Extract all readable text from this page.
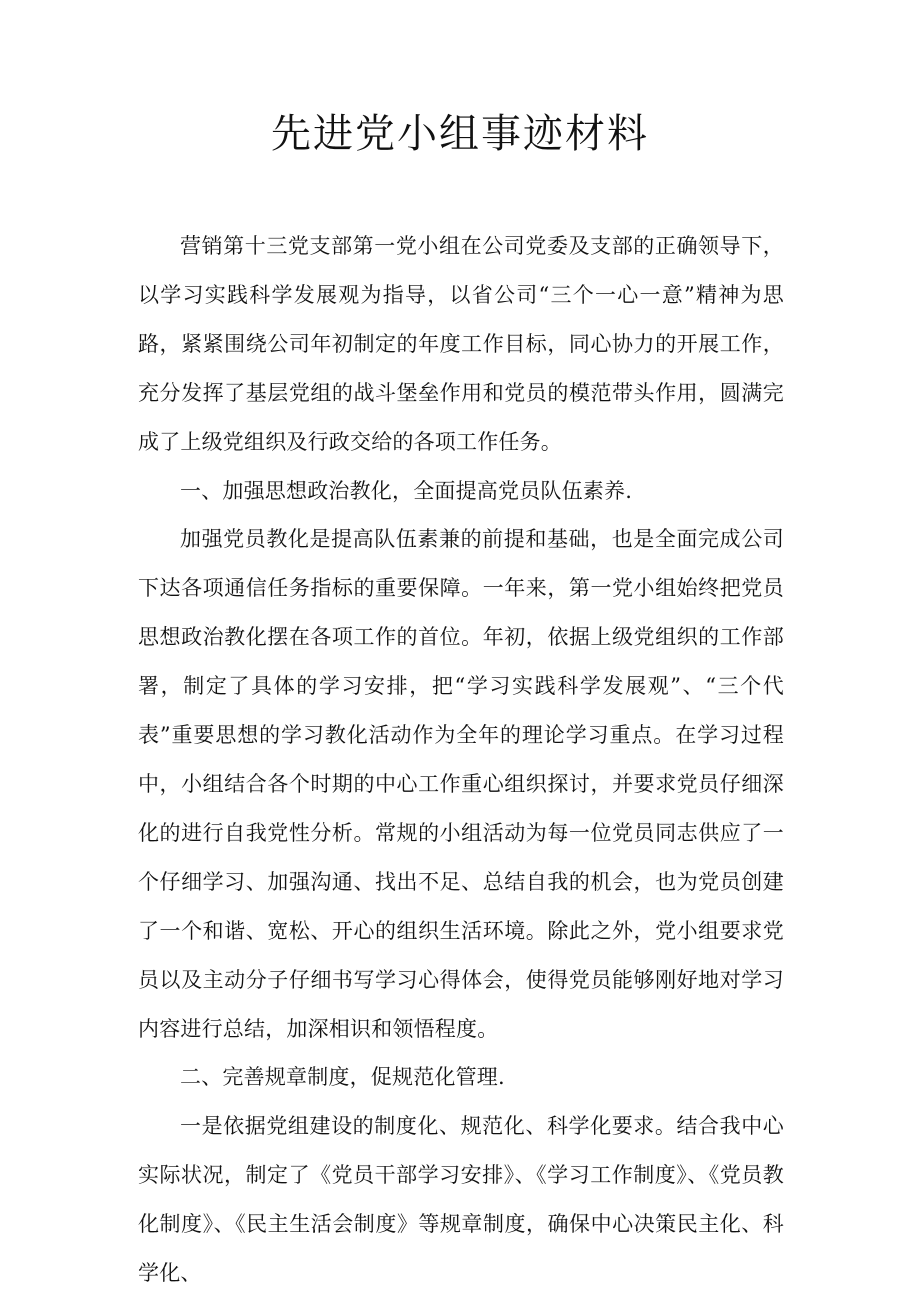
先进党小组事迹材料

营销第十三党支部第一党小组在公司党委及支部的正确领导下，以学习实践科学发展观为指导，以省公司“三个一心一意”精神为思路，紧紧围绕公司年初制定的年度工作目标，同心协力的开展工作，充分发挥了基层党组的战斗堡垒作用和党员的模范带头作用，圆满完成了上级党组织及行政交给的各项工作任务。

一、加强思想政治教化，全面提高党员队伍素养.

加强党员教化是提高队伍素兼的前提和基础，也是全面完成公司下达各项通信任务指标的重要保障。一年来，第一党小组始终把党员思想政治教化摆在各项工作的首位。年初，依据上级党组织的工作部署，制定了具体的学习安排，把“学习实践科学发展观”、“三个代表”重要思想的学习教化活动作为全年的理论学习重点。在学习过程中，小组结合各个时期的中心工作重心组织探讨，并要求党员仔细深化的进行自我党性分析。常规的小组活动为每一位党员同志供应了一个仔细学习、加强沟通、找出不足、总结自我的机会，也为党员创建了一个和谐、宽松、开心的组织生活环境。除此之外，党小组要求党员以及主动分子仔细书写学习心得体会，使得党员能够刚好地对学习内容进行总结，加深相识和领悟程度。

二、完善规章制度，促规范化管理.

一是依据党组建设的制度化、规范化、科学化要求。结合我中心实际状况，制定了《党员干部学习安排》、《学习工作制度》、《党员教化制度》、《民主生活会制度》等规章制度，确保中心决策民主化、科学化、
